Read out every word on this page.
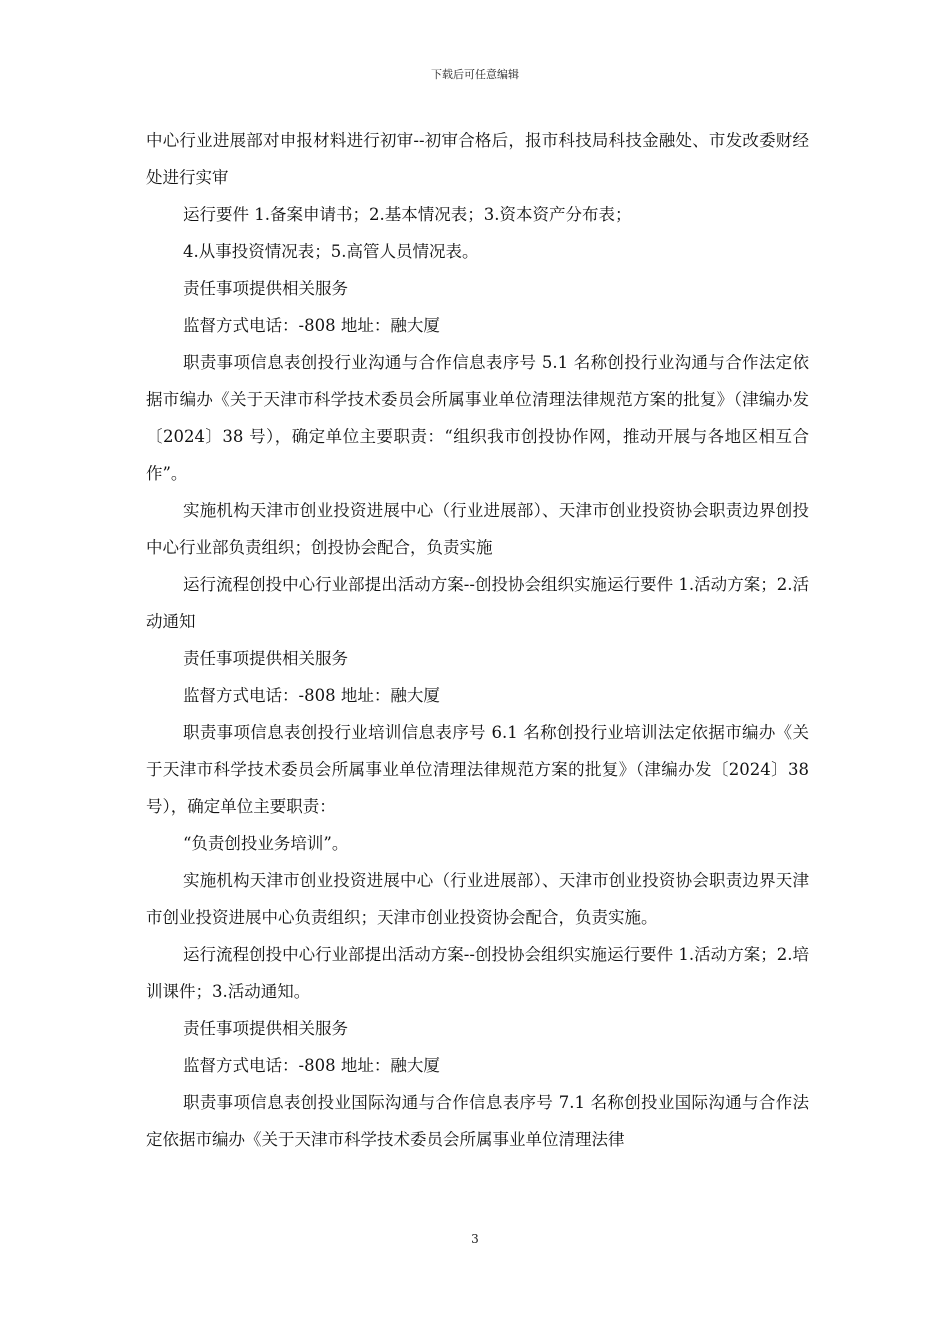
下载后可任意编辑

中心行业进展部对申报材料进行初审--初审合格后，报市科技局科技金融处、市发改委财经处进行实审

运行要件 1.备案申请书；2.基本情况表；3.资本资产分布表；

4.从事投资情况表；5.高管人员情况表。

责任事项提供相关服务

监督方式电话：-808 地址：融大厦

职责事项信息表创投行业沟通与合作信息表序号 5.1 名称创投行业沟通与合作法定依据市编办《关于天津市科学技术委员会所属事业单位清理法律规范方案的批复》（津编办发〔2024〕38 号），确定单位主要职责：“组织我市创投协作网，推动开展与各地区相互合作”。

实施机构天津市创业投资进展中心（行业进展部）、天津市创业投资协会职责边界创投中心行业部负责组织；创投协会配合，负责实施

运行流程创投中心行业部提出活动方案--创投协会组织实施运行要件 1.活动方案；2.活动通知

责任事项提供相关服务

监督方式电话：-808 地址：融大厦

职责事项信息表创投行业培训信息表序号 6.1 名称创投行业培训法定依据市编办《关于天津市科学技术委员会所属事业单位清理法律规范方案的批复》（津编办发〔2024〕38 号），确定单位主要职责：

“负责创投业务培训”。

实施机构天津市创业投资进展中心（行业进展部）、天津市创业投资协会职责边界天津市创业投资进展中心负责组织；天津市创业投资协会配合，负责实施。

运行流程创投中心行业部提出活动方案--创投协会组织实施运行要件 1.活动方案；2.培训课件；3.活动通知。

责任事项提供相关服务

监督方式电话：-808 地址：融大厦

职责事项信息表创投业国际沟通与合作信息表序号 7.1 名称创投业国际沟通与合作法定依据市编办《关于天津市科学技术委员会所属事业单位清理法律

3
